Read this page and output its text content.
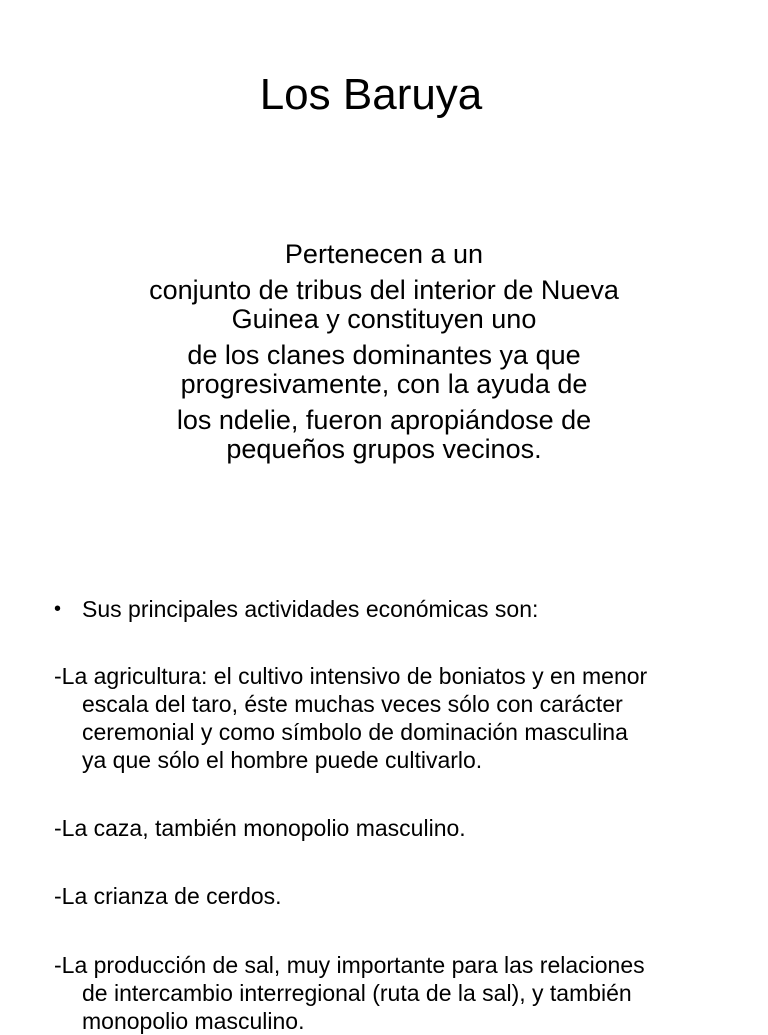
Los Baruya
Pertenecen a un
conjunto de tribus del interior de Nueva
Guinea y constituyen uno
de los clanes dominantes ya que
progresivamente, con la ayuda de
los ndelie, fueron apropiándose de
pequeños grupos vecinos.
• Sus principales actividades económicas son:
-La agricultura: el cultivo intensivo de boniatos y en menor
escala del taro, éste muchas veces sólo con carácter
ceremonial y como símbolo de dominación masculina
ya que sólo el hombre puede cultivarlo.
-La caza, también monopolio masculino.
-La crianza de cerdos.
-La producción de sal, muy importante para las relaciones
de intercambio interregional (ruta de la sal), y también
monopolio masculino.
